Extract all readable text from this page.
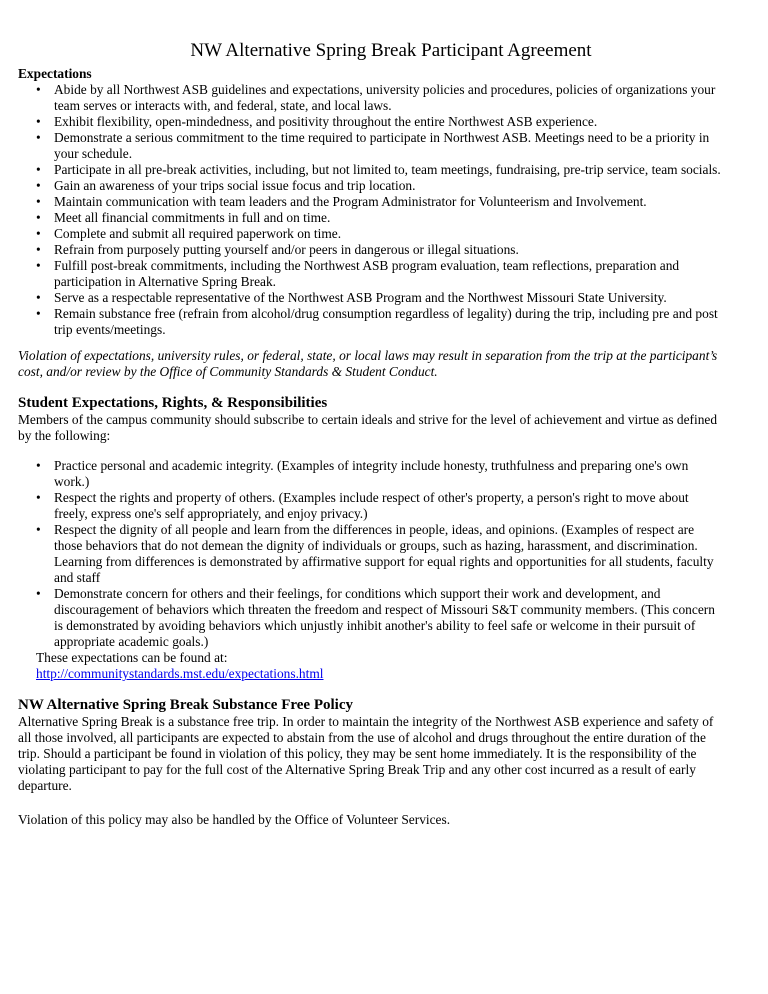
NW Alternative Spring Break Participant Agreement
Expectations
• Abide by all Northwest ASB guidelines and expectations, university policies and procedures, policies of organizations your team serves or interacts with, and federal, state, and local laws.
• Exhibit flexibility, open-mindedness, and positivity throughout the entire Northwest ASB experience.
• Demonstrate a serious commitment to the time required to participate in Northwest ASB. Meetings need to be a priority in your schedule.
• Participate in all pre-break activities, including, but not limited to, team meetings, fundraising, pre-trip service, team socials.
• Gain an awareness of your trips social issue focus and trip location.
• Maintain communication with team leaders and the Program Administrator for Volunteerism and Involvement.
• Meet all financial commitments in full and on time.
• Complete and submit all required paperwork on time.
• Refrain from purposely putting yourself and/or peers in dangerous or illegal situations.
• Fulfill post-break commitments, including the Northwest ASB program evaluation, team reflections, preparation and participation in Alternative Spring Break.
• Serve as a respectable representative of the Northwest ASB Program and the Northwest Missouri State University.
• Remain substance free (refrain from alcohol/drug consumption regardless of legality) during the trip, including pre and post trip events/meetings.

Violation of expectations, university rules, or federal, state, or local laws may result in separation from the trip at the participant’s cost, and/or review by the Office of Community Standards & Student Conduct.

Student Expectations, Rights, & Responsibilities

Members of the campus community should subscribe to certain ideals and strive for the level of achievement and virtue as defined by the following:

• Practice personal and academic integrity. (Examples of integrity include honesty, truthfulness and preparing one's own work.)
• Respect the rights and property of others. (Examples include respect of other's property, a person's right to move about freely, express one's self appropriately, and enjoy privacy.)
• Respect the dignity of all people and learn from the differences in people, ideas, and opinions. (Examples of respect are those behaviors that do not demean the dignity of individuals or groups, such as hazing, harassment, and discrimination. Learning from differences is demonstrated by affirmative support for equal rights and opportunities for all students, faculty and staff
• Demonstrate concern for others and their feelings, for conditions which support their work and development, and discouragement of behaviors which threaten the freedom and respect of Missouri S&T community members. (This concern is demonstrated by avoiding behaviors which unjustly inhibit another's ability to feel safe or welcome in their pursuit of appropriate academic goals.)

These expectations can be found at:

http://communitystandards.mst.edu/expectations.html

NW Alternative Spring Break Substance Free Policy

Alternative Spring Break is a substance free trip. In order to maintain the integrity of the Northwest ASB experience and safety of all those involved, all participants are expected to abstain from the use of alcohol and drugs throughout the entire duration of the trip. Should a participant be found in violation of this policy, they may be sent home immediately. It is the responsibility of the violating participant to pay for the full cost of the Alternative Spring Break Trip and any other cost incurred as a result of early departure.

Violation of this policy may also be handled by the Office of Volunteer Services.
